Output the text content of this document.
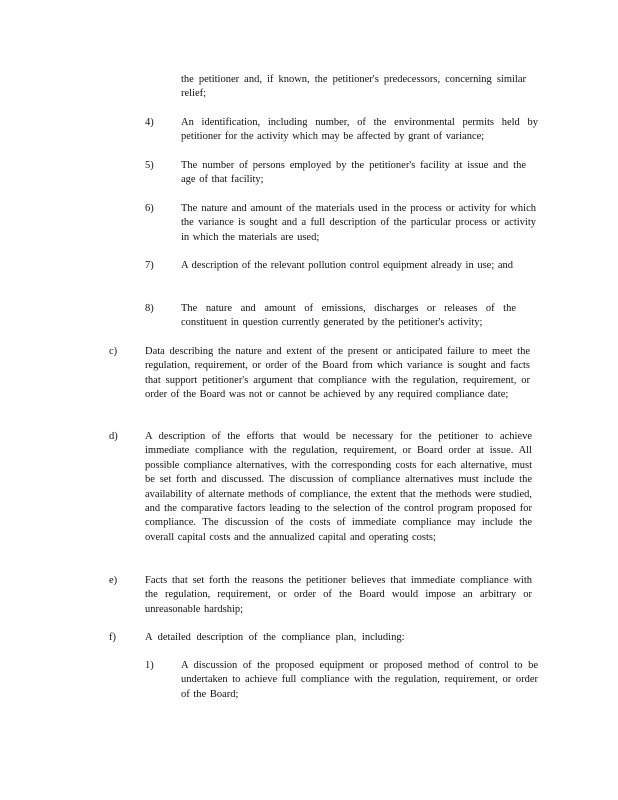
the petitioner and, if known, the petitioner's predecessors, concerning similar relief;
4)	An identification, including number, of the environmental permits held by petitioner for the activity which may be affected by grant of variance;
5)	The number of persons employed by the petitioner's facility at issue and the age of that facility;
6)	The nature and amount of the materials used in the process or activity for which the variance is sought and a full description of the particular process or activity in which the materials are used;
7)	A description of the relevant pollution control equipment already in use; and
8)	The nature and amount of emissions, discharges or releases of the constituent in question currently generated by the petitioner's activity;
c)	Data describing the nature and extent of the present or anticipated failure to meet the regulation, requirement, or order of the Board from which variance is sought and facts that support petitioner's argument that compliance with the regulation, requirement, or order of the Board was not or cannot be achieved by any required compliance date;
d)	A description of the efforts that would be necessary for the petitioner to achieve immediate compliance with the regulation, requirement, or Board order at issue. All possible compliance alternatives, with the corresponding costs for each alternative, must be set forth and discussed. The discussion of compliance alternatives must include the availability of alternate methods of compliance, the extent that the methods were studied, and the comparative factors leading to the selection of the control program proposed for compliance. The discussion of the costs of immediate compliance may include the overall capital costs and the annualized capital and operating costs;
e)	Facts that set forth the reasons the petitioner believes that immediate compliance with the regulation, requirement, or order of the Board would impose an arbitrary or unreasonable hardship;
f)	A detailed description of the compliance plan, including:
1)	A discussion of the proposed equipment or proposed method of control to be undertaken to achieve full compliance with the regulation, requirement, or order of the Board;
